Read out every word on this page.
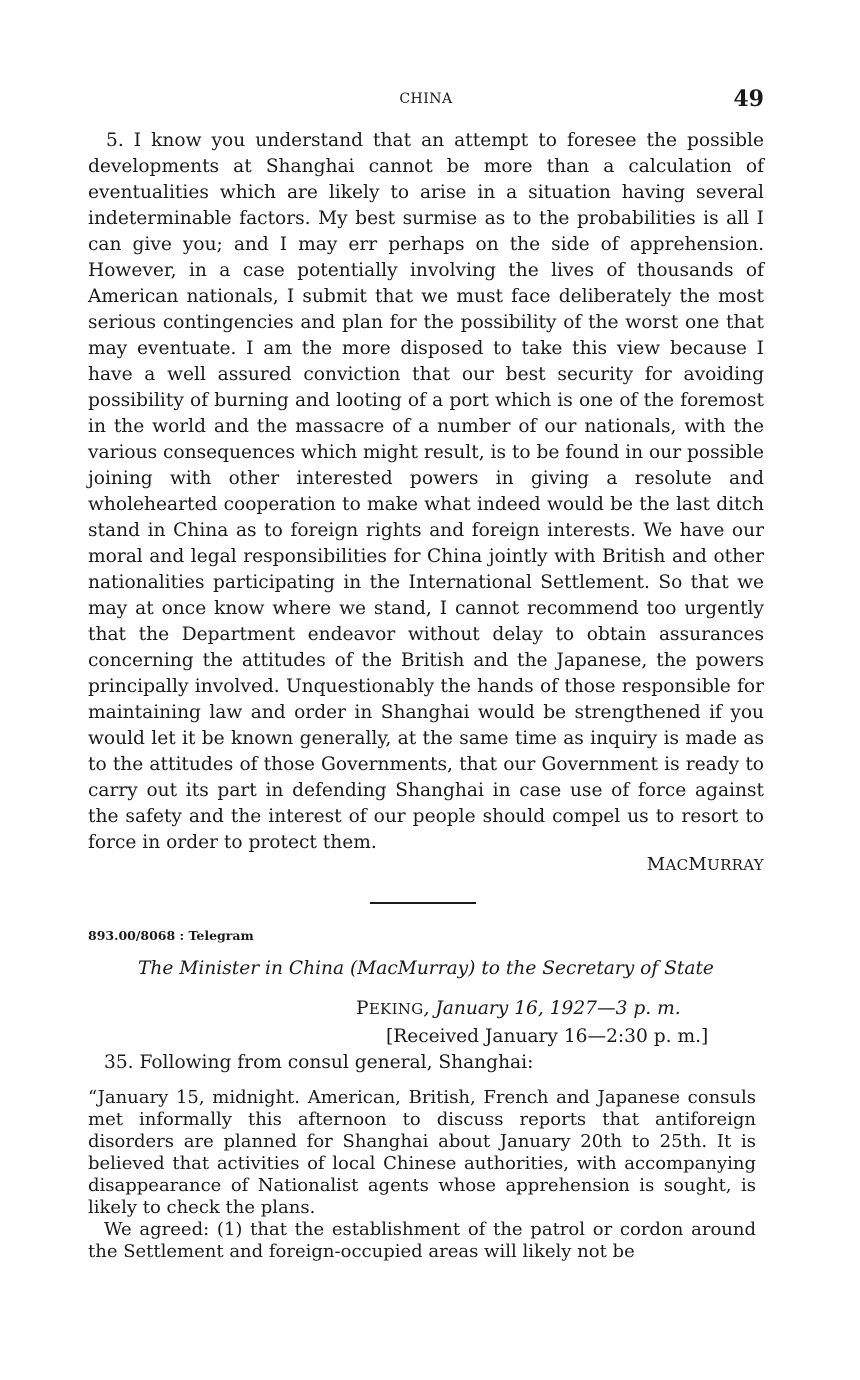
CHINA	49

5. I know you understand that an attempt to foresee the possible developments at Shanghai cannot be more than a calculation of eventualities which are likely to arise in a situation having several indeterminable factors. My best surmise as to the probabilities is all I can give you; and I may err perhaps on the side of apprehension. However, in a case potentially involving the lives of thousands of American nationals, I submit that we must face deliberately the most serious contingencies and plan for the possibility of the worst one that may eventuate. I am the more disposed to take this view because I have a well assured conviction that our best security for avoiding possibility of burning and looting of a port which is one of the foremost in the world and the massacre of a number of our nationals, with the various consequences which might result, is to be found in our possible joining with other interested powers in giving a resolute and wholehearted cooperation to make what indeed would be the last ditch stand in China as to foreign rights and foreign interests. We have our moral and legal responsibilities for China jointly with British and other nationalities participating in the International Settlement. So that we may at once know where we stand, I cannot recommend too urgently that the Department endeavor without delay to obtain assurances concerning the attitudes of the British and the Japanese, the powers principally involved. Unquestionably the hands of those responsible for maintaining law and order in Shanghai would be strengthened if you would let it be known generally, at the same time as inquiry is made as to the attitudes of those Governments, that our Government is ready to carry out its part in defending Shanghai in case use of force against the safety and the interest of our people should compel us to resort to force in order to protect them.

MACMURRAY
893.00/8068 : Telegram
The Minister in China (MacMurray) to the Secretary of State
PEKING, January 16, 1927—3 p. m.
[Received January 16—2:30 p. m.]
35. Following from consul general, Shanghai:

“January 15, midnight. American, British, French and Japanese consuls met informally this afternoon to discuss reports that antiforeign disorders are planned for Shanghai about January 20th to 25th. It is believed that activities of local Chinese authorities, with accompanying disappearance of Nationalist agents whose apprehension is sought, is likely to check the plans.

We agreed: (1) that the establishment of the patrol or cordon around the Settlement and foreign-occupied areas will likely not be
